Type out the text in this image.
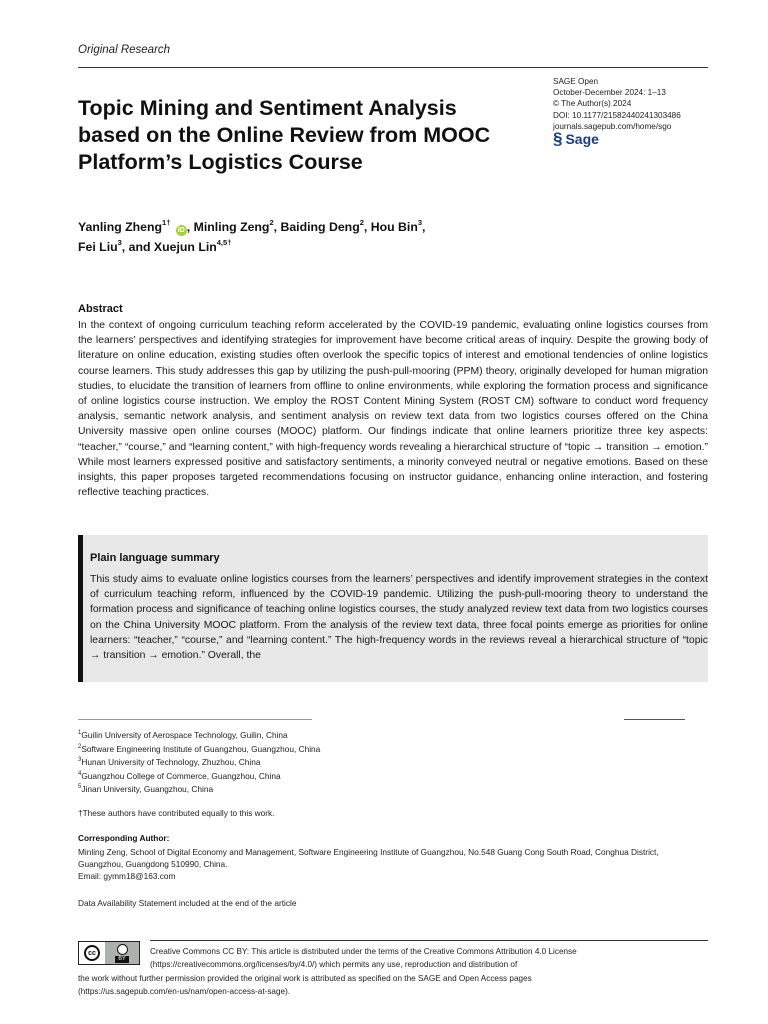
Original Research
Topic Mining and Sentiment Analysis based on the Online Review from MOOC Platform’s Logistics Course
SAGE Open
October-December 2024: 1–13
© The Author(s) 2024
DOI: 10.1177/21582440241303486
journals.sagepub.com/home/sgo
§ Sage
Yanling Zheng$^{1\dagger}$ iD , Minling Zeng$^2$, Baiding Deng$^2$, Hou Bin$^3$,
Fei Liu$^3$, and Xuejun Lin$^{4,5\dagger}$
Abstract
In the context of ongoing curriculum teaching reform accelerated by the COVID-19 pandemic, evaluating online logistics courses from the learners’ perspectives and identifying strategies for improvement have become critical areas of inquiry. Despite the growing body of literature on online education, existing studies often overlook the specific topics of interest and emotional tendencies of online logistics course learners. This study addresses this gap by utilizing the push-pull-mooring (PPM) theory, originally developed for human migration studies, to elucidate the transition of learners from offline to online environments, while exploring the formation process and significance of online logistics course instruction. We employ the ROST Content Mining System (ROST CM) software to conduct word frequency analysis, semantic network analysis, and sentiment analysis on review text data from two logistics courses offered on the China University massive open online courses (MOOC) platform. Our findings indicate that online learners prioritize three key aspects: “teacher,” “course,” and “learning content,” with high-frequency words revealing a hierarchical structure of “topic → transition → emotion.” While most learners expressed positive and satisfactory sentiments, a minority conveyed neutral or negative emotions. Based on these insights, this paper proposes targeted recommendations focusing on instructor guidance, enhancing online interaction, and fostering reflective teaching practices.
Plain language summary
This study aims to evaluate online logistics courses from the learners’ perspectives and identify improvement strategies in the context of curriculum teaching reform, influenced by the COVID-19 pandemic. Utilizing the push-pull-mooring theory to understand the formation process and significance of teaching online logistics courses, the study analyzed review text data from two logistics courses on the China University MOOC platform. From the analysis of the review text data, three focal points emerge as priorities for online learners: “teacher,” “course,” and “learning content.” The high-frequency words in the reviews reveal a hierarchical structure of “topic → transition → emotion.” Overall, the
$^1$Guilin University of Aerospace Technology, Guilin, China
$^2$Software Engineering Institute of Guangzhou, Guangzhou, China
$^3$Hunan University of Technology, Zhuzhou, China
$^4$Guangzhou College of Commerce, Guangzhou, China
$^5$Jinan University, Guangzhou, China
†These authors have contributed equally to this work.
Corresponding Author:
Minling Zeng, School of Digital Economy and Management, Software Engineering Institute of Guangzhou, No.548 Guang Cong South Road, Conghua District,
Guangzhou, Guangdong 510990, China.
Email: gymm18@163.com
Data Availability Statement included at the end of the article
cc
BY
Creative Commons CC BY: This article is distributed under the terms of the Creative Commons Attribution 4.0 License
(https://creativecommons.org/licenses/by/4.0/) which permits any use, reproduction and distribution of
the work without further permission provided the original work is attributed as specified on the SAGE and Open Access pages
(https://us.sagepub.com/en-us/nam/open-access-at-sage).
